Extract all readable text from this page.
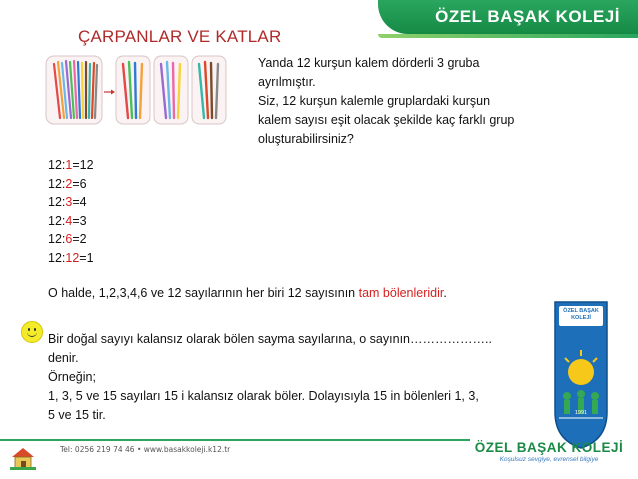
ÖZEL BAŞAK KOLEJİ
ÇARPANLAR VE KATLAR
Yanda 12 kurşun kalem dörderli 3 gruba
ayrılmıştır.
Siz, 12 kurşun kalemle gruplardaki kurşun
kalem sayısı eşit olacak şekilde kaç farklı grup
oluşturabilirsiniz?
12:1=12
12:2=6
12:3=4
12:4=3
12:6=2
12:12=1
O halde, 1,2,3,4,6 ve 12 sayılarının her biri 12 sayısının tam bölenleridir.
Bir doğal sayıyı kalansız olarak bölen sayma sayılarına, o sayının………………..
denir.
Örneğin;
1, 3, 5 ve 15 sayıları 15 i kalansız olarak böler. Dolayısıyla 15 in bölenleri 1, 3,
5 ve 15 tir.
ÖZEL BAŞAK KOLEJİ
1991
Tel: 0256 219 74 46 • www.basakkoleji.k12.tr	ÖZEL BAŞAK KOLEJİ
Koşulsuz sevgiye, evrensel bilgiye
